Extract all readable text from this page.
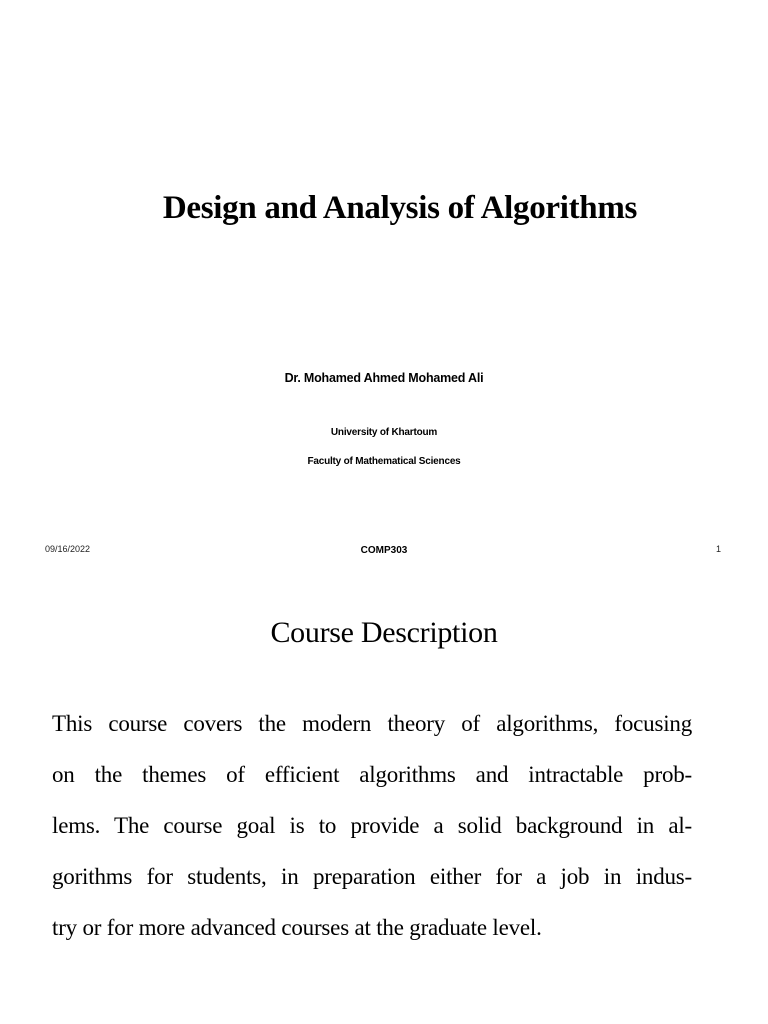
Design and Analysis of Algorithms
Dr. Mohamed Ahmed Mohamed Ali
University of Khartoum
Faculty of Mathematical Sciences
09/16/2022	COMP303	1
Course Description

This course covers the modern theory of algorithms, focusing
on the themes of efficient algorithms and intractable prob-
lems. The course goal is to provide a solid background in al-
gorithms for students, in preparation either for a job in indus-
try or for more advanced courses at the graduate level.
